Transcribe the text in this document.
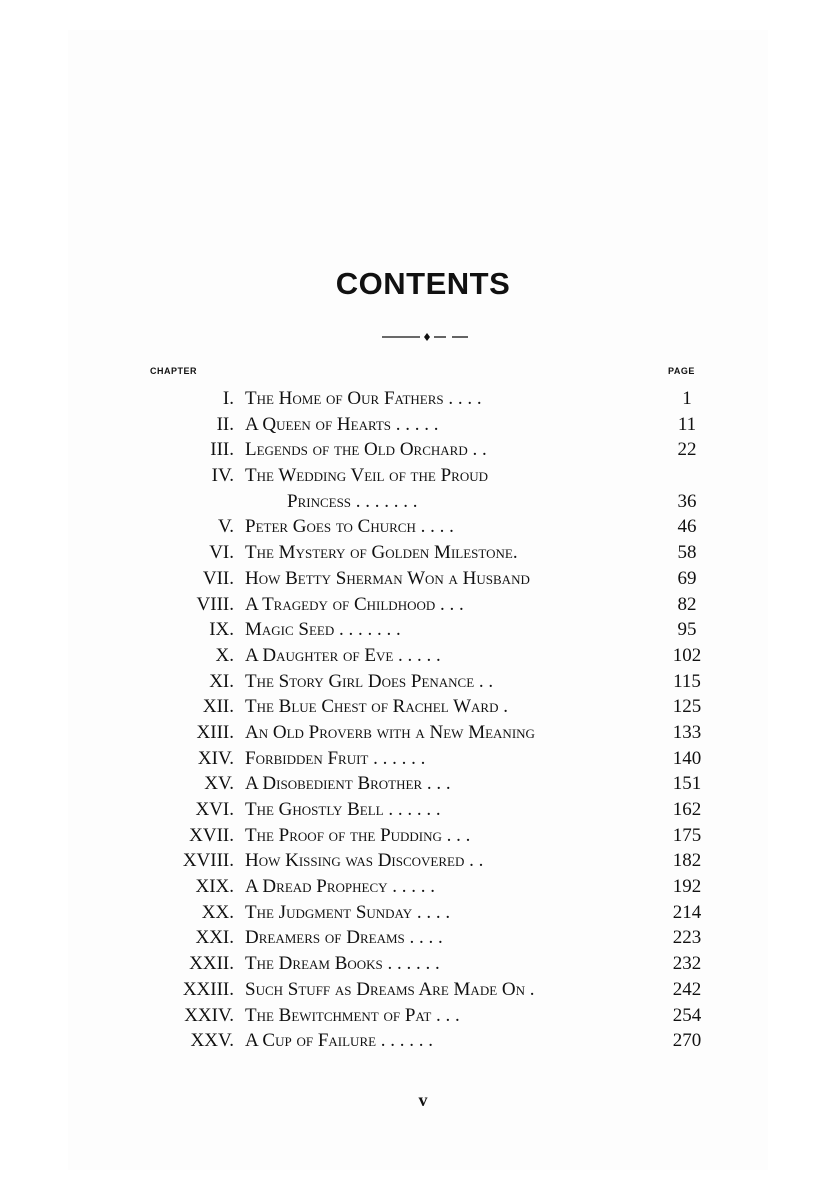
CONTENTS
CHAPTER	PAGE
I. The Home of Our Fathers . . . .	1
II. A Queen of Hearts . . . . .	11
III. Legends of the Old Orchard . .	22
IV. The Wedding Veil of the Proud
Princess . . . . . . .	36
V. Peter Goes to Church . . . .	46
VI. The Mystery of Golden Milestone.	58
VII. How Betty Sherman Won a Husband	69
VIII. A Tragedy of Childhood . . .	82
IX. Magic Seed . . . . . . .	95
X. A Daughter of Eve . . . . .	102
XI. The Story Girl Does Penance . .	115
XII. The Blue Chest of Rachel Ward .	125
XIII. An Old Proverb with a New Meaning	133
XIV. Forbidden Fruit . . . . . .	140
XV. A Disobedient Brother . . .	151
XVI. The Ghostly Bell . . . . . .	162
XVII. The Proof of the Pudding . . .	175
XVIII. How Kissing was Discovered . .	182
XIX. A Dread Prophecy . . . . .	192
XX. The Judgment Sunday . . . .	214
XXI. Dreamers of Dreams . . . .	223
XXII. The Dream Books . . . . . .	232
XXIII. Such Stuff as Dreams Are Made On .	242
XXIV. The Bewitchment of Pat . . .	254
XXV. A Cup of Failure . . . . . .	270
v
